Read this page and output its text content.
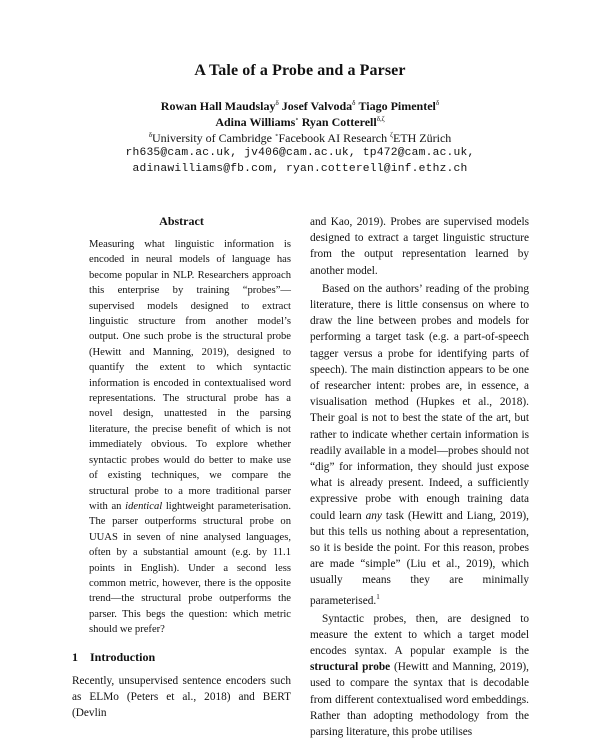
A Tale of a Probe and a Parser
Rowan Hall Maudslay$^\delta$ Josef Valvoda$^\delta$ Tiago Pimentel$^\delta$
Adina Williams∘ Ryan Cotterell$^{\delta,\zeta}$
$^\delta$University of Cambridge ∘Facebook AI Research $^\zeta$ETH Zürich
rh635@cam.ac.uk, jv406@cam.ac.uk, tp472@cam.ac.uk,
adinawilliams@fb.com, ryan.cotterell@inf.ethz.ch
Abstract

Measuring what linguistic information is encoded in neural models of language has become popular in NLP. Researchers approach this enterprise by training “probes”—supervised models designed to extract linguistic structure from another model’s output. One such probe is the structural probe (Hewitt and Manning, 2019), designed to quantify the extent to which syntactic information is encoded in contextualised word representations. The structural probe has a novel design, unattested in the parsing literature, the precise benefit of which is not immediately obvious. To explore whether syntactic probes would do better to make use of existing techniques, we compare the structural probe to a more traditional parser with an identical lightweight parameterisation. The parser outperforms structural probe on UUAS in seven of nine analysed languages, often by a substantial amount (e.g. by 11.1 points in English). Under a second less common metric, however, there is the opposite trend—the structural probe outperforms the parser. This begs the question: which metric should we prefer?

1 Introduction

Recently, unsupervised sentence encoders such as ELMo (Peters et al., 2018) and BERT (Devlin

and Kao, 2019). Probes are supervised models designed to extract a target linguistic structure from the output representation learned by another model.

Based on the authors’ reading of the probing literature, there is little consensus on where to draw the line between probes and models for performing a target task (e.g. a part-of-speech tagger versus a probe for identifying parts of speech). The main distinction appears to be one of researcher intent: probes are, in essence, a visualisation method (Hupkes et al., 2018). Their goal is not to best the state of the art, but rather to indicate whether certain information is readily available in a model—probes should not “dig” for information, they should just expose what is already present. Indeed, a sufficiently expressive probe with enough training data could learn any task (Hewitt and Liang, 2019), but this tells us nothing about a representation, so it is beside the point. For this reason, probes are made “simple” (Liu et al., 2019), which usually means they are minimally parameterised.$^1$

Syntactic probes, then, are designed to measure the extent to which a target model encodes syntax. A popular example is the structural probe (Hewitt and Manning, 2019), used to compare the syntax that is decodable from different contextualised word embeddings. Rather than adopting methodology from the parsing literature, this probe utilises
